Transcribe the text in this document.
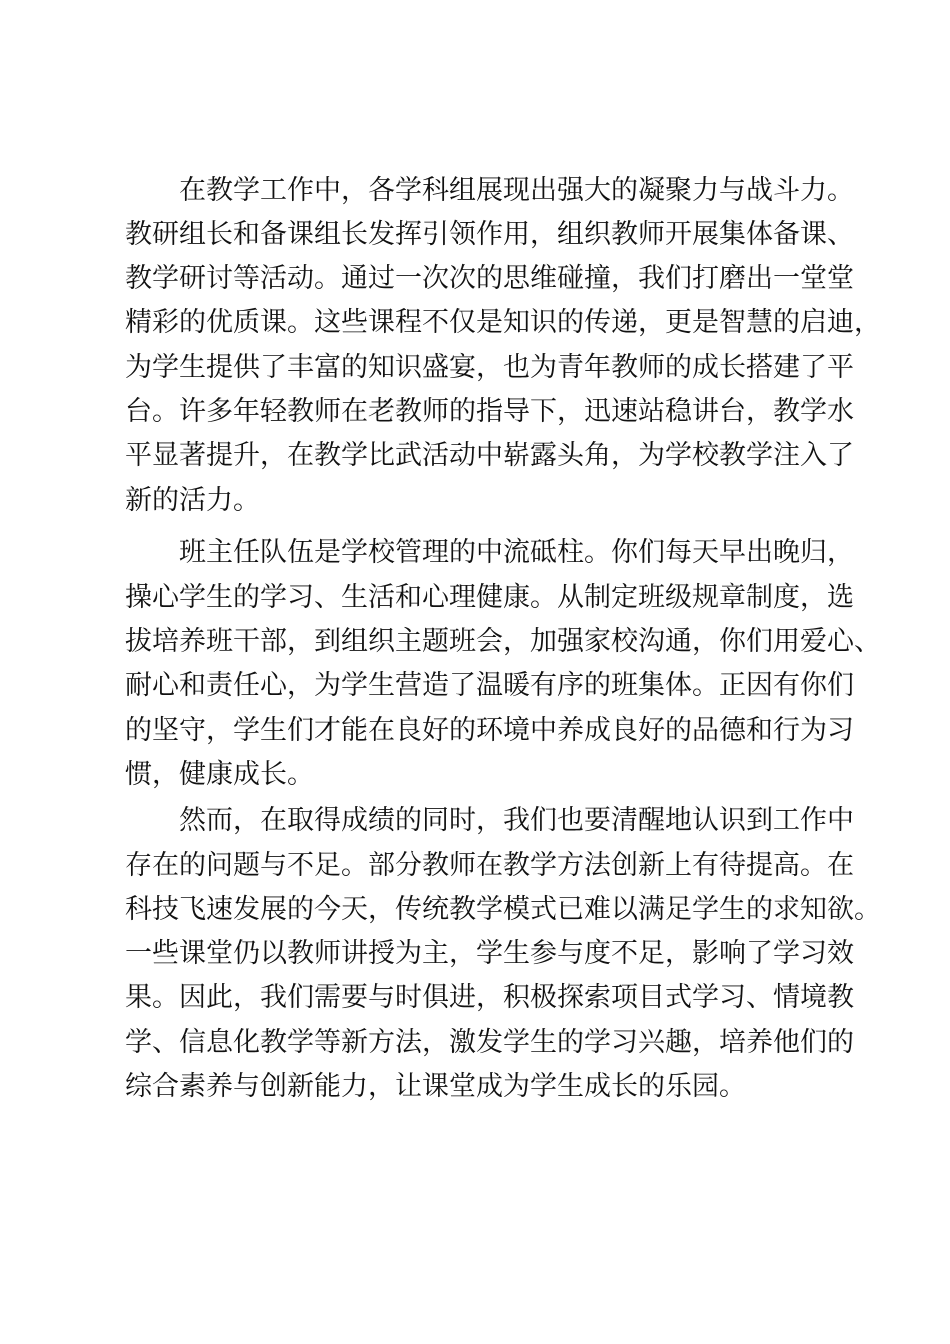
在教学工作中，各学科组展现出强大的凝聚力与战斗力。

教研组长和备课组长发挥引领作用，组织教师开展集体备课、

教学研讨等活动。通过一次次的思维碰撞，我们打磨出一堂堂

精彩的优质课。这些课程不仅是知识的传递，更是智慧的启迪，

为学生提供了丰富的知识盛宴，也为青年教师的成长搭建了平

台。许多年轻教师在老教师的指导下，迅速站稳讲台，教学水

平显著提升，在教学比武活动中崭露头角，为学校教学注入了

新的活力。

班主任队伍是学校管理的中流砥柱。你们每天早出晚归，

操心学生的学习、生活和心理健康。从制定班级规章制度，选

拔培养班干部，到组织主题班会，加强家校沟通，你们用爱心、

耐心和责任心，为学生营造了温暖有序的班集体。正因有你们

的坚守，学生们才能在良好的环境中养成良好的品德和行为习

惯，健康成长。

然而，在取得成绩的同时，我们也要清醒地认识到工作中

存在的问题与不足。部分教师在教学方法创新上有待提高。在

科技飞速发展的今天，传统教学模式已难以满足学生的求知欲。

一些课堂仍以教师讲授为主，学生参与度不足，影响了学习效

果。因此，我们需要与时俱进，积极探索项目式学习、情境教

学、信息化教学等新方法，激发学生的学习兴趣，培养他们的

综合素养与创新能力，让课堂成为学生成长的乐园。
